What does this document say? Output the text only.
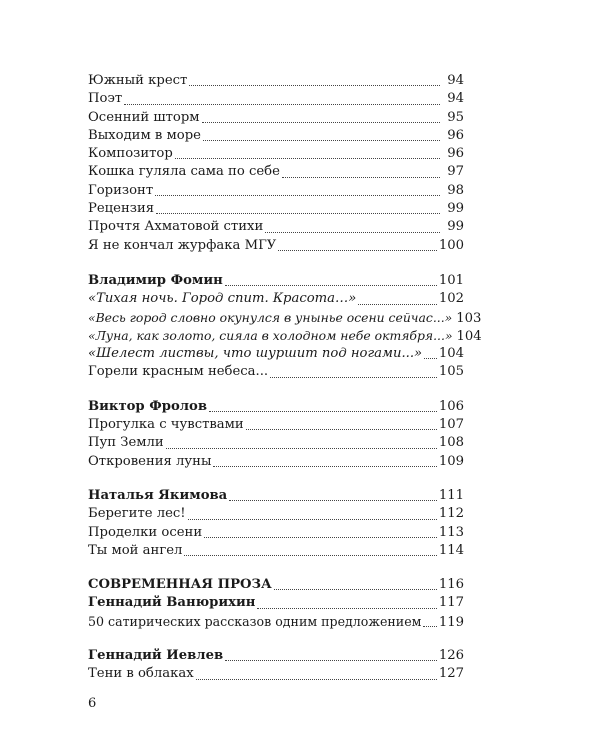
Южный крест	94
Поэт	94
Осенний шторм	95
Выходим в море	96
Композитор	96
Кошка гуляла сама по себе	97
Горизонт	98
Рецензия	99
Прочтя Ахматовой стихи	99
Я не кончал журфака МГУ	100
Владимир Фомин	101
«Тихая ночь. Город спит. Красота…»	102
«Весь город словно окунулся в унынье осени сейчас...» 103
«Луна, как золото, сияла в холодном небе октября...» 104
«Шелест листвы, что шуршит под ногами...» 104
Горели красным небеса...	105
Виктор Фролов	106
Прогулка с чувствами	107
Пуп Земли	108
Откровения луны	109
Наталья Якимова	111
Берегите лес!	112
Проделки осени	113
Ты мой ангел	114
СОВРЕМЕННАЯ ПРОЗА	116
Геннадий Ванюрихин	117
50 сатирических рассказов одним предложением 119
Геннадий Иевлев	126
Тени в облаках	127
6
